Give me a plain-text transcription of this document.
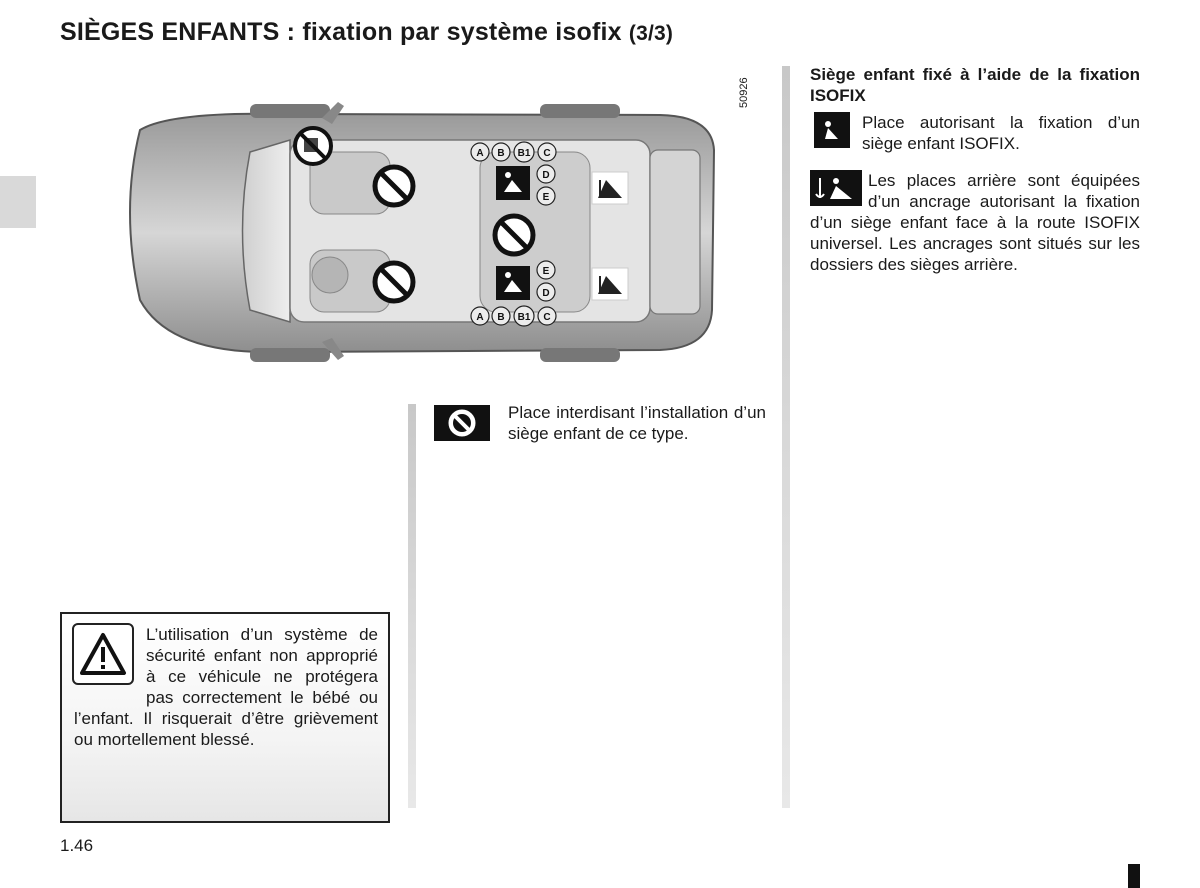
SIÈGES ENFANTS : fixation par système isofix (3/3)
A B B1 C
D
E
E
D
A B B1 C
50926
Place interdisant l’installation d’un siège enfant de ce type.
Siège enfant fixé à l’aide de la fixation ISOFIX
Place autorisant la fixation d’un siège enfant ISOFIX.
Les places arrière sont équipées d’un ancrage autorisant la fixation d’un siège enfant face à la route ISOFIX universel. Les ancrages sont situés sur les dossiers des sièges arrière.
L’utilisation d’un système de sécurité enfant non approprié à ce véhicule ne protégera pas correctement le bébé ou l’enfant. Il risquerait d’être grièvement ou mortellement blessé.
1.46
